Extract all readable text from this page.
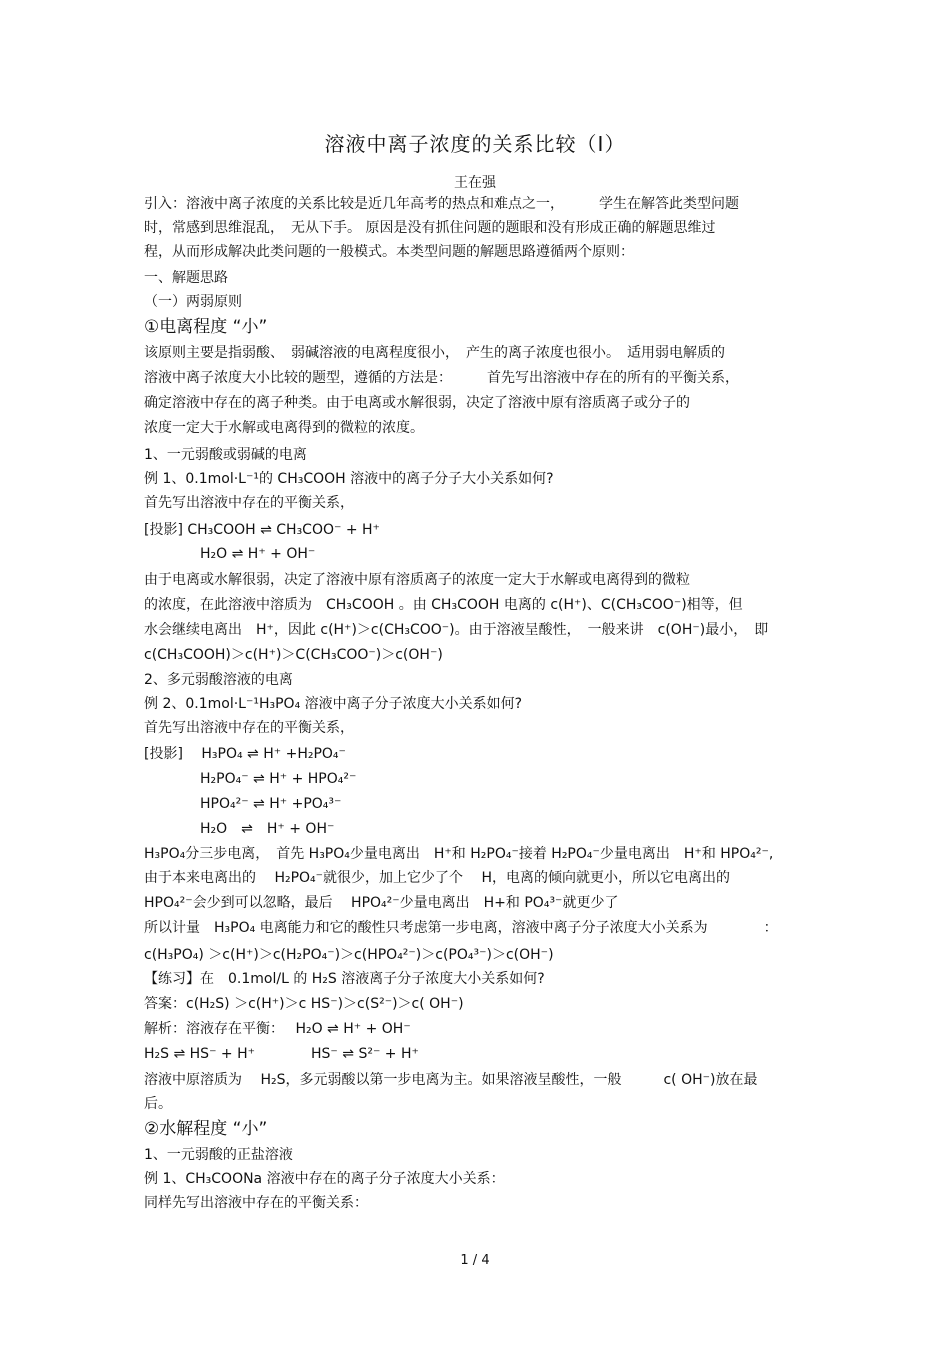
溶液中离子浓度的关系比较（Ⅰ）
王在强
引入：溶液中离子浓度的关系比较是近几年高考的热点和难点之一，　　　学生在解答此类型问题
时，常感到思维混乱，　无从下手。 原因是没有抓住问题的题眼和没有形成正确的解题思维过
程，从而形成解决此类问题的一般模式。本类型问题的解题思路遵循两个原则：
一、解题思路
（一）两弱原则
①电离程度 “小”
该原则主要是指弱酸、　弱碱溶液的电离程度很小，　产生的离子浓度也很小。　适用弱电解质的
溶液中离子浓度大小比较的题型，遵循的方法是：　　　首先写出溶液中存在的所有的平衡关系，
确定溶液中存在的离子种类。由于电离或水解很弱，决定了溶液中原有溶质离子或分子的
浓度一定大于水解或电离得到的微粒的浓度。
1、一元弱酸或弱碱的电离
例 1、0.1mol·L⁻¹的 CH₃COOH 溶液中的离子分子大小关系如何?
首先写出溶液中存在的平衡关系，
[投影] CH₃COOH ⇌ CH₃COO⁻ + H⁺
　　　　H₂O ⇌ H⁺ + OH⁻
由于电离或水解很弱，决定了溶液中原有溶质离子的浓度一定大于水解或电离得到的微粒
的浓度，在此溶液中溶质为　CH₃COOH 。由 CH₃COOH 电离的 c(H⁺)、C(CH₃COO⁻)相等，但
水会继续电离出　H⁺，因此 c(H⁺)＞c(CH₃COO⁻)。由于溶液呈酸性，　一般来讲　c(OH⁻)最小，　即
c(CH₃COOH)＞c(H⁺)＞C(CH₃COO⁻)＞c(OH⁻)
2、多元弱酸溶液的电离
例 2、0.1mol·L⁻¹H₃PO₄ 溶液中离子分子浓度大小关系如何?
首先写出溶液中存在的平衡关系，
[投影]　 H₃PO₄ ⇌ H⁺ +H₂PO₄⁻
　　　　H₂PO₄⁻ ⇌ H⁺ + HPO₄²⁻
　　　　HPO₄²⁻ ⇌ H⁺ +PO₄³⁻
　　　　H₂O　⇌　H⁺ + OH⁻
H₃PO₄分三步电离，　首先 H₃PO₄少量电离出　H⁺和 H₂PO₄⁻接着 H₂PO₄⁻少量电离出　H⁺和 HPO₄²⁻,
由于本来电离出的　 H₂PO₄⁻就很少，加上它少了个　 H，电离的倾向就更小，所以它电离出的
HPO₄²⁻会少到可以忽略，最后　 HPO₄²⁻少量电离出　H+和 PO₄³⁻就更少了
所以计量　H₃PO₄ 电离能力和它的酸性只考虑第一步电离，溶液中离子分子浓度大小关系为　　　　：
c(H₃PO₄) ＞c(H⁺)＞c(H₂PO₄⁻)＞c(HPO₄²⁻)＞c(PO₄³⁻)＞c(OH⁻)
【练习】在　0.1mol/L 的 H₂S 溶液离子分子浓度大小关系如何?
答案：c(H₂S) ＞c(H⁺)＞c HS⁻)＞c(S²⁻)＞c( OH⁻)
解析：溶液存在平衡：　 H₂O ⇌ H⁺ + OH⁻
H₂S ⇌ HS⁻ + H⁺　　　　HS⁻ ⇌ S²⁻ + H⁺
溶液中原溶质为　 H₂S，多元弱酸以第一步电离为主。如果溶液呈酸性，一般　　　c( OH⁻)放在最
后。
②水解程度 “小”
1、一元弱酸的正盐溶液
例 1、CH₃COONa 溶液中存在的离子分子浓度大小关系：
同样先写出溶液中存在的平衡关系：
1 / 4
